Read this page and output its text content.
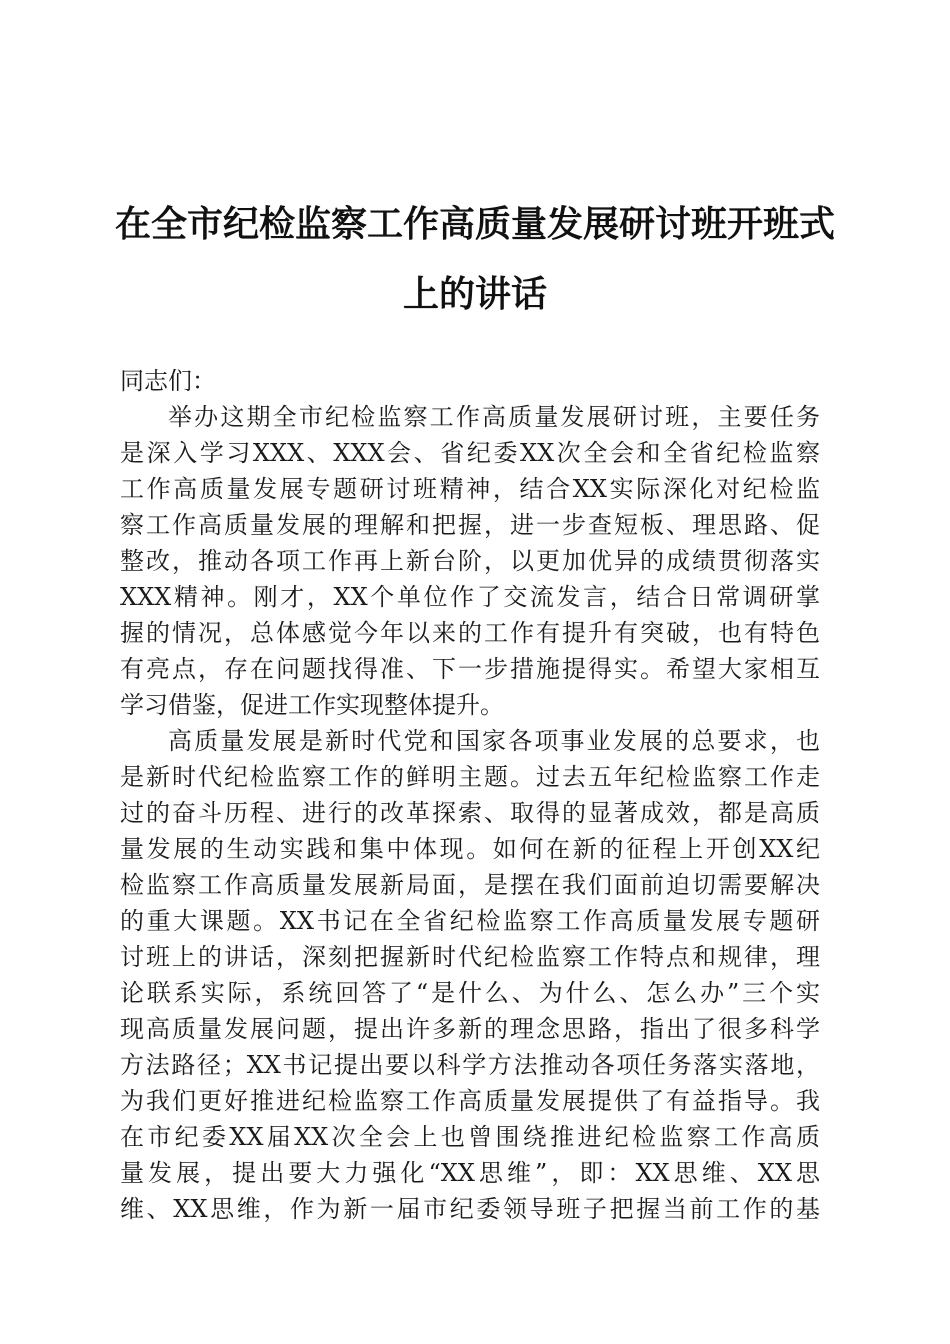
在全市纪检监察工作高质量发展研讨班开班式
上的讲话
同志们：
举办这期全市纪检监察工作高质量发展研讨班，主要任务
是深入学习XXX、XXX会、省纪委XX次全会和全省纪检监察
工作高质量发展专题研讨班精神，结合XX实际深化对纪检监
察工作高质量发展的理解和把握，进一步查短板、理思路、促
整改，推动各项工作再上新台阶，以更加优异的成绩贯彻落实
XXX精神。刚才，XX个单位作了交流发言，结合日常调研掌
握的情况，总体感觉今年以来的工作有提升有突破，也有特色
有亮点，存在问题找得准、下一步措施提得实。希望大家相互
学习借鉴，促进工作实现整体提升。
高质量发展是新时代党和国家各项事业发展的总要求，也
是新时代纪检监察工作的鲜明主题。过去五年纪检监察工作走
过的奋斗历程、进行的改革探索、取得的显著成效，都是高质
量发展的生动实践和集中体现。如何在新的征程上开创XX纪
检监察工作高质量发展新局面，是摆在我们面前迫切需要解决
的重大课题。XX书记在全省纪检监察工作高质量发展专题研
讨班上的讲话，深刻把握新时代纪检监察工作特点和规律，理
论联系实际，系统回答了“是什么、为什么、怎么办”三个实
现高质量发展问题，提出许多新的理念思路，指出了很多科学
方法路径；XX书记提出要以科学方法推动各项任务落实落地，
为我们更好推进纪检监察工作高质量发展提供了有益指导。我
在市纪委XX届XX次全会上也曾围绕推进纪检监察工作高质
量发展，提出要大力强化“XX思维”，即：XX思维、XX思
维、XX思维，作为新一届市纪委领导班子把握当前工作的基
